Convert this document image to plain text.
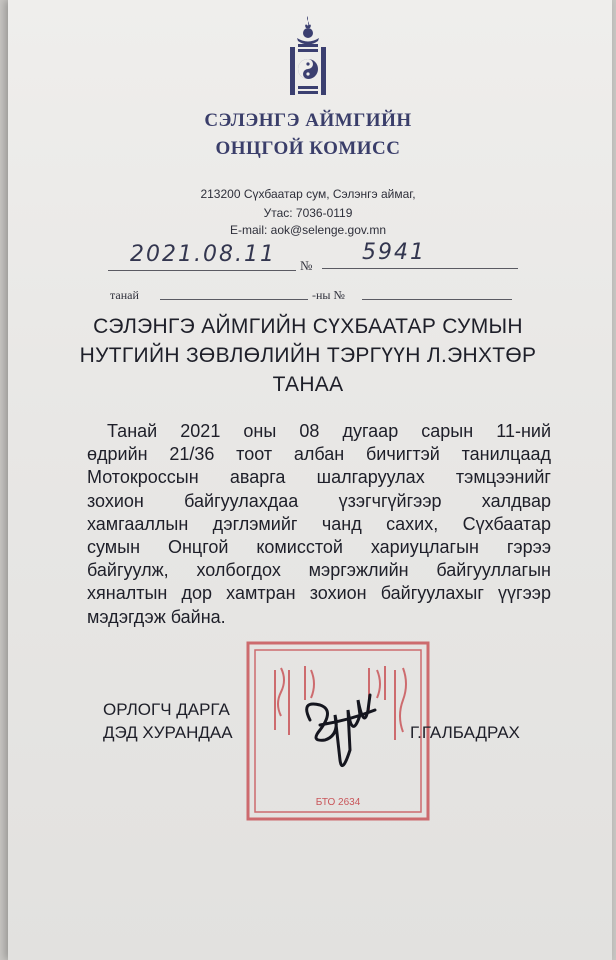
СЭЛЭНГЭ АЙМГИЙН
ОНЦГОЙ КОМИСС
213200 Сүхбаатар сум, Сэлэнгэ аймаг,
Утас: 7036-0119
E-mail: aok@selenge.gov.mn
2021.08.11 №
5941
танай	-ны №
СЭЛЭНГЭ АЙМГИЙН СҮХБААТАР СУМЫН
НУТГИЙН ЗӨВЛӨЛИЙН ТЭРГҮҮН Л.ЭНХТӨР
ТАНАА
Танай 2021 оны 08 дугаар сарын 11-ний
өдрийн 21/36 тоот албан бичигтэй танилцаад
Мотокроссын аварга шалгаруулах тэмцээнийг
зохион байгуулахдаа үзэгчгүйгээр халдвар
хамгааллын дэглэмийг чанд сахих, Сүхбаатар
сумын Онцгой комисстой хариуцлагын гэрээ
байгуулж, холбогдох мэргэжлийн байгууллагын
хяналтын дор хамтран зохион байгуулахыг үүгээр
мэдэгдэж байна.
БТО 2634
ОРЛОГЧ ДАРГА
ДЭД ХУРАНДАА	Г.ГАЛБАДРАХ
